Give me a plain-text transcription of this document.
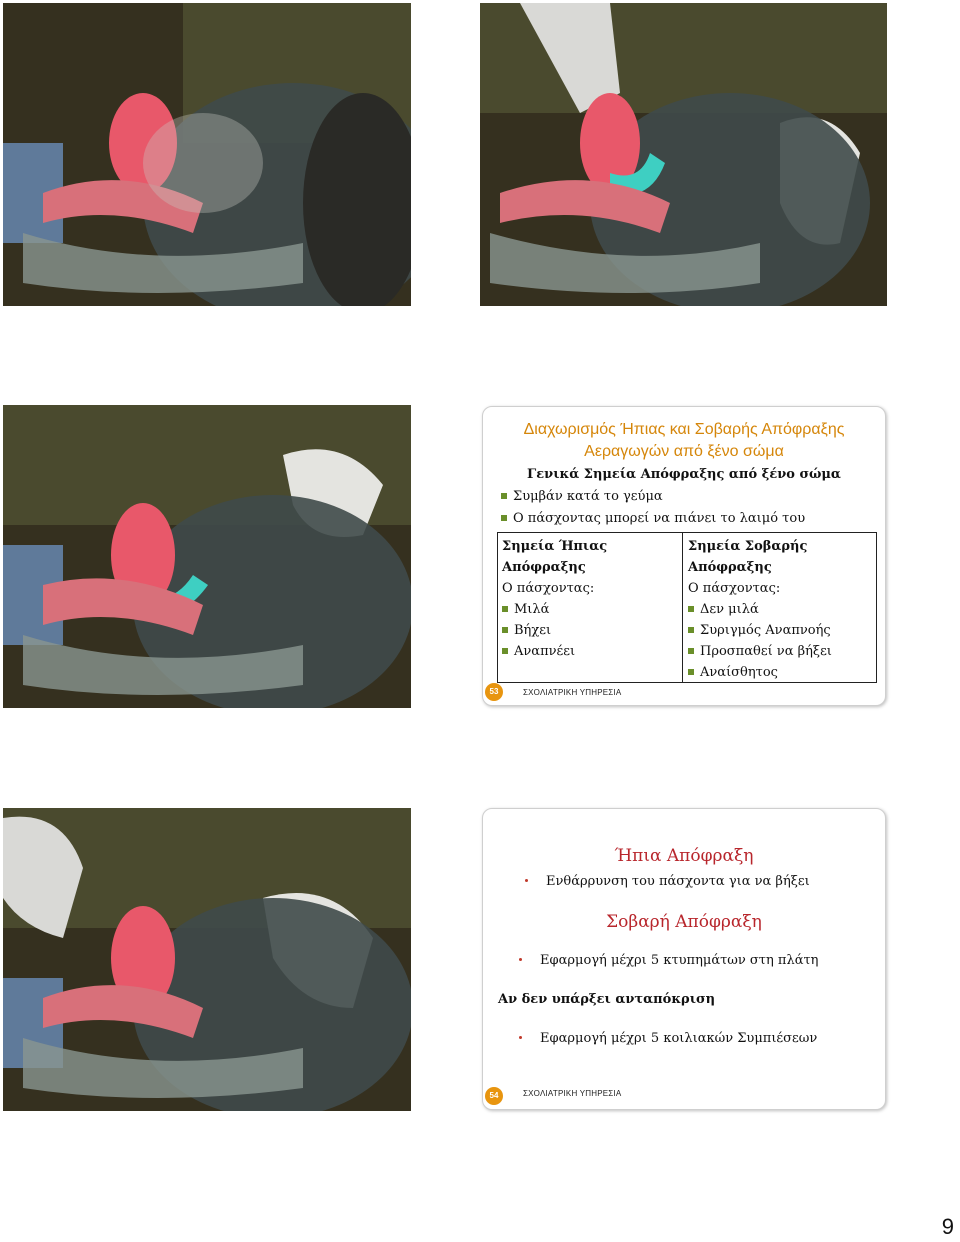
Διαχωρισμός Ήπιας και Σοβαρής Απόφραξης
Αεραγωγών από ξένο σώμα
Γενικά Σημεία Απόφραξης από ξένο σώμα
Συμβάν κατά το γεύμα
Ο πάσχοντας μπορεί να πιάνει το λαιμό του
Σημεία Ήπιας
Απόφραξης
Ο πάσχοντας:
Μιλά
Βήχει
Αναπνέει
Σημεία Σοβαρής
Απόφραξης
Ο πάσχοντας:
Δεν μιλά
Συριγμός Αναπνοής
Προσπαθεί να βήξει
Αναίσθητος
53	ΣΧΟΛΙΑΤΡΙΚΗ ΥΠΗΡΕΣΙΑ
Ήπια Απόφραξη
Ενθάρρυνση του πάσχοντα για να βήξει
Σοβαρή Απόφραξη
Εφαρμογή μέχρι 5 κτυπημάτων στη πλάτη
Αν δεν υπάρξει ανταπόκριση
Εφαρμογή μέχρι 5 κοιλιακών Συμπιέσεων
54	ΣΧΟΛΙΑΤΡΙΚΗ ΥΠΗΡΕΣΙΑ
9
